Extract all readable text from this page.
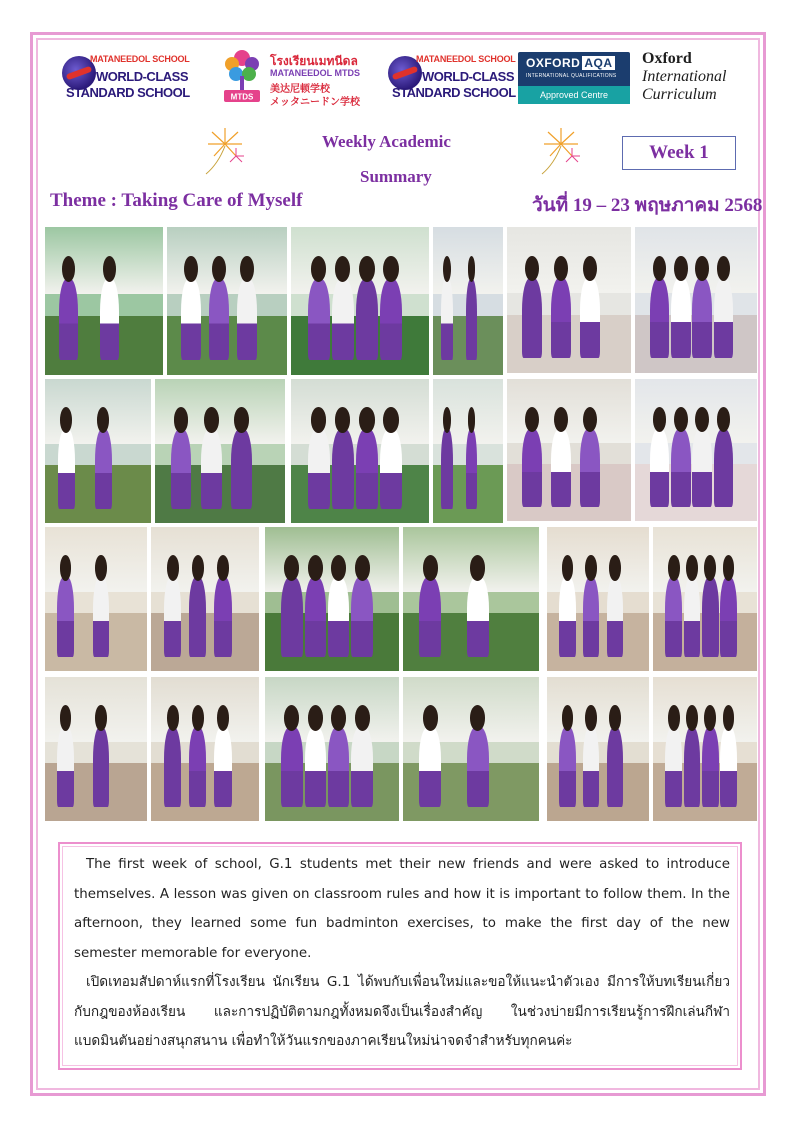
MATANEEDOL SCHOOL
WORLD-CLASS
STANDARD SCHOOL	MTDS
โรงเรียนเมทนีดล
MATANEEDOL MTDS
美达尼顿学校
メッタニードン学校
MATANEEDOL SCHOOL
WORLD-CLASS
STANDARD SCHOOL
OXFORD AQA
INTERNATIONAL QUALIFICATIONS
Approved Centre
Oxford
International
Curriculum
Weekly Academic
Summary
Week 1
Theme : Taking Care of Myself	วันที่ 19 – 23 พฤษภาคม 2568
The first week of school, G.1 students met their new friends and were asked to introduce themselves. A lesson was given on classroom rules and how it is important to follow them. In the afternoon, they learned some fun badminton exercises, to make the first day of the new semester memorable for everyone.
เปิดเทอมสัปดาห์แรกที่โรงเรียน นักเรียน G.1 ได้พบกับเพื่อนใหม่และขอให้แนะนำตัวเอง มีการให้บทเรียนเกี่ยวกับกฎของห้องเรียน และการปฏิบัติตามกฎทั้งหมดจึงเป็นเรื่องสำคัญ ในช่วงบ่ายมีการเรียนรู้การฝึกเล่นกีฬาแบดมินตันอย่างสนุกสนาน เพื่อทำให้วันแรกของภาคเรียนใหม่น่าจดจำสำหรับทุกคนค่ะ
